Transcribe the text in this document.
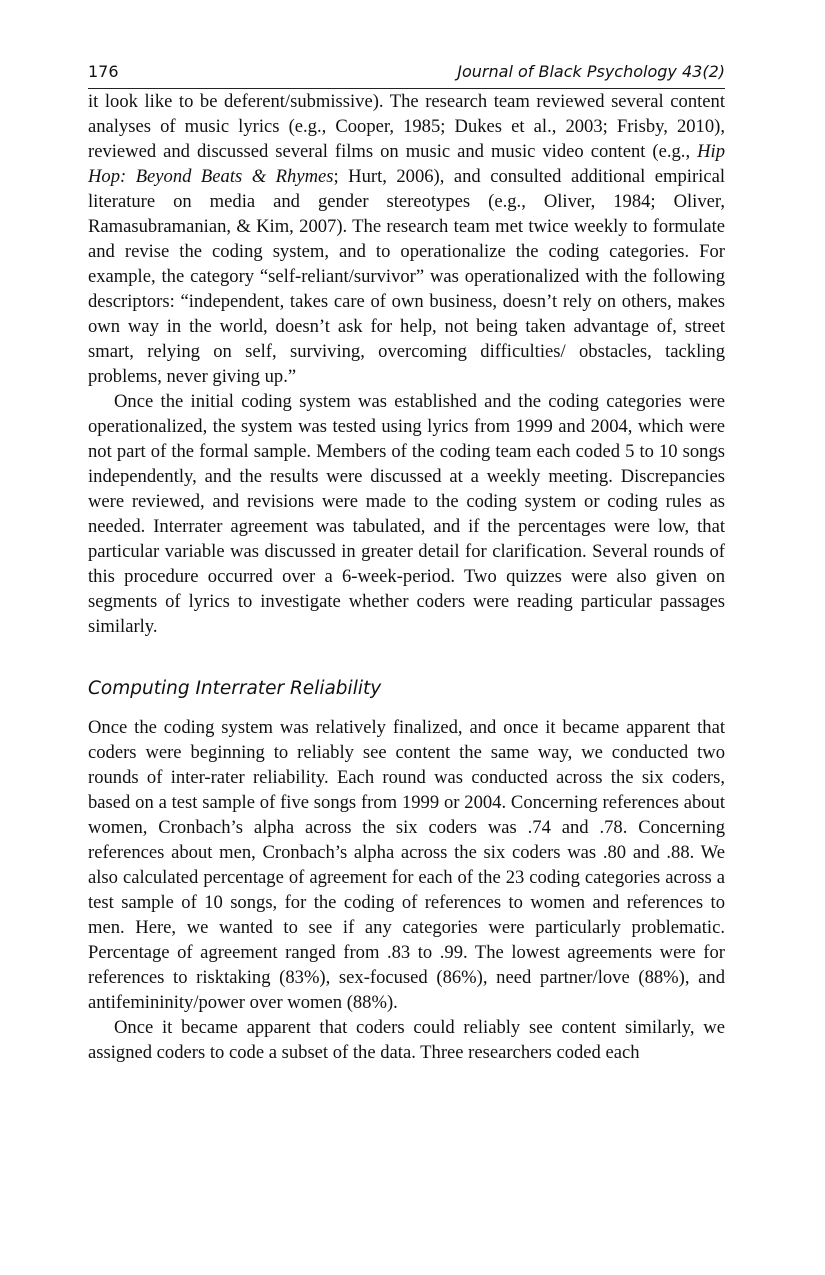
176	Journal of Black Psychology 43(2)

it look like to be deferent/submissive). The research team reviewed several content analyses of music lyrics (e.g., Cooper, 1985; Dukes et al., 2003; Frisby, 2010), reviewed and discussed several films on music and music video content (e.g., Hip Hop: Beyond Beats & Rhymes; Hurt, 2006), and consulted additional empirical literature on media and gender stereotypes (e.g., Oliver, 1984; Oliver, Ramasubramanian, & Kim, 2007). The research team met twice weekly to formulate and revise the coding system, and to operationalize the coding categories. For example, the category “self-reliant/survivor” was operationalized with the following descriptors: “independent, takes care of own business, doesn’t rely on others, makes own way in the world, doesn’t ask for help, not being taken advantage of, street smart, relying on self, surviving, overcoming difficulties/ obstacles, tackling problems, never giving up.”

Once the initial coding system was established and the coding categories were operationalized, the system was tested using lyrics from 1999 and 2004, which were not part of the formal sample. Members of the coding team each coded 5 to 10 songs independently, and the results were discussed at a weekly meeting. Discrepancies were reviewed, and revisions were made to the coding system or coding rules as needed. Interrater agreement was tabulated, and if the percentages were low, that particular variable was discussed in greater detail for clarification. Several rounds of this procedure occurred over a 6-week-period. Two quizzes were also given on segments of lyrics to investigate whether coders were reading particular passages similarly.

Computing Interrater Reliability

Once the coding system was relatively finalized, and once it became apparent that coders were beginning to reliably see content the same way, we conducted two rounds of inter-rater reliability. Each round was conducted across the six coders, based on a test sample of five songs from 1999 or 2004. Concerning references about women, Cronbach’s alpha across the six coders was .74 and .78. Concerning references about men, Cronbach’s alpha across the six coders was .80 and .88. We also calculated percentage of agreement for each of the 23 coding categories across a test sample of 10 songs, for the coding of references to women and references to men. Here, we wanted to see if any categories were particularly problematic. Percentage of agreement ranged from .83 to .99. The lowest agreements were for references to risktaking (83%), sex-focused (86%), need partner/love (88%), and antifemininity/power over women (88%).

Once it became apparent that coders could reliably see content similarly, we assigned coders to code a subset of the data. Three researchers coded each
